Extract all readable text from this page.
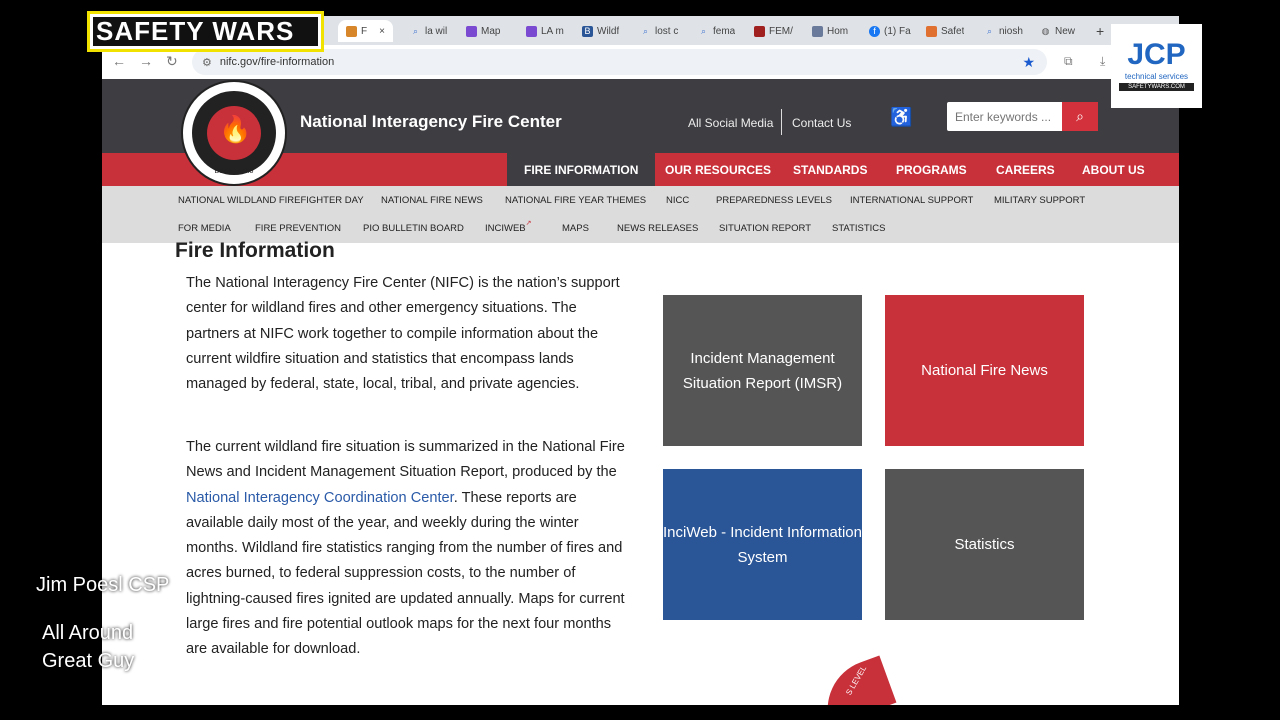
F ×	⌕ la wil	Map	LA m B Wildf	⌕ lost c	⌕ fema	FEM/	Hom	f (1) Fa	Safet	⌕ niosh ◍ New +
← → ↻ ⚙ nifc.gov/fire-information	★ ⧉ ⤓
National Interagency Fire Center	All Social Media Contact Us ♿
Enter keywords ...	⌕
FIRE INFORMATION	OUR RESOURCES STANDARDS PROGRAMS CAREERS ABOUT US
NATIONAL WILDLAND FIREFIGHTER DAY NATIONAL FIRE NEWS NATIONAL FIRE YEAR THEMES NICC	PREPAREDNESS LEVELS INTERNATIONAL SUPPORT MILITARY SUPPORT
FOR MEDIA	FIRE PREVENTION PIO BULLETIN BOARD INCIWEB↗	MAPS	NEWS RELEASES SITUATION REPORT STATISTICS
🔥
Boise, Idaho
Fire Information

The National Interagency Fire Center (NIFC) is the nation’s support center for wildland fires and other emergency situations. The partners at NIFC work together to compile information about the current wildfire situation and statistics that encompass lands managed by federal, state, local, tribal, and private agencies.

The current wildland fire situation is summarized in the National Fire News and Incident Management Situation Report, produced by the National Interagency Coordination Center. These reports are available daily most of the year, and weekly during the winter months. Wildland fire statistics ranging from the number of fires and acres burned, to federal suppression costs, to the number of lightning-caused fires ignited are updated annually. Maps for current large fires and fire potential outlook maps for the next four months are available for download.

Incident Management Situation Report (IMSR)
National Fire News
InciWeb - Incident Information System
Statistics
S LEVEL
SAFETY WARS
JCP
technical services
SAFETYWARS.COM
Jim Poesl CSP
All Around
Great Guy
